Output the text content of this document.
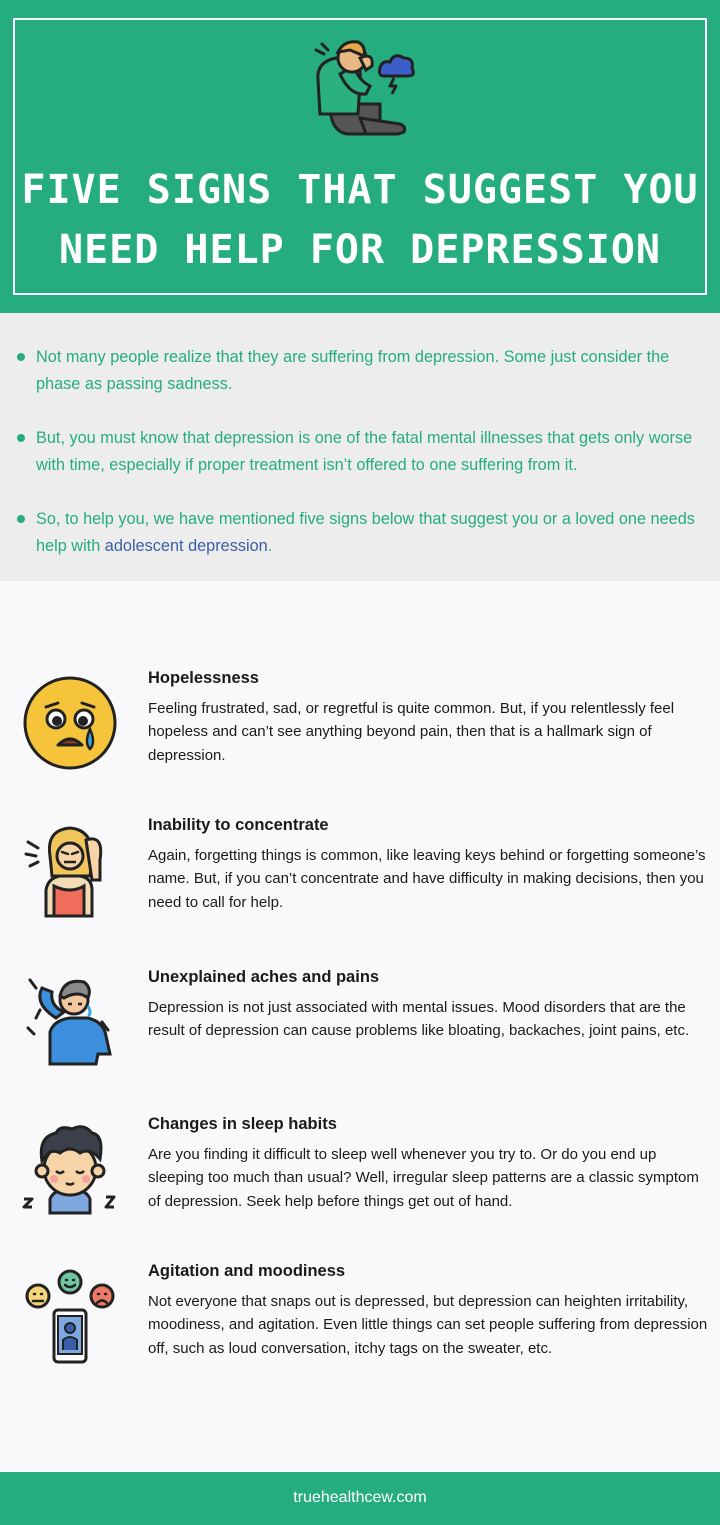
FIVE SIGNS THAT SUGGEST YOU
NEED HELP FOR DEPRESSION
Not many people realize that they are suffering from depression. Some just consider the phase as passing sadness.
But, you must know that depression is one of the fatal mental illnesses that gets only worse with time, especially if proper treatment isn’t offered to one suffering from it.
So, to help you, we have mentioned five signs below that suggest you or a loved one needs help with adolescent depression.
Hopelessness
Feeling frustrated, sad, or regretful is quite common. But, if you relentlessly feel hopeless and can’t see anything beyond pain, then that is a hallmark sign of depression.
Inability to concentrate
Again, forgetting things is common, like leaving keys behind or forgetting someone’s name. But, if you can’t concentrate and have difficulty in making decisions, then you need to call for help.
Unexplained aches and pains
Depression is not just associated with mental issues. Mood disorders that are the result of depression can cause problems like bloating, backaches, joint pains, etc.
Changes in sleep habits
Are you finding it difficult to sleep well whenever you try to. Or do you end up sleeping too much than usual? Well, irregular sleep patterns are a classic symptom of depression. Seek help before things get out of hand.
Agitation and moodiness
Not everyone that snaps out is depressed, but depression can heighten irritability, moodiness, and agitation. Even little things can set people suffering from depression off, such as loud conversation, itchy tags on the sweater, etc.
truehealthcew.com
